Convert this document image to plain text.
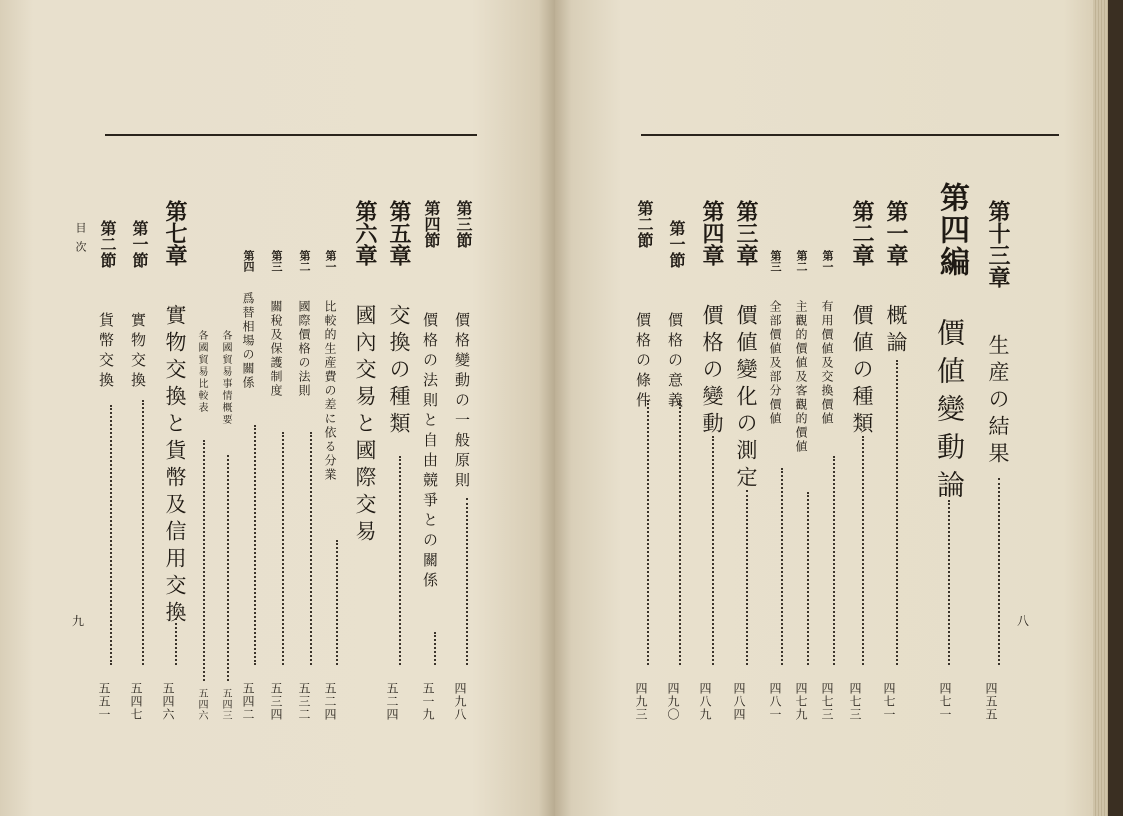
第三節
價格變動の一般原則
四九八
第四節
價格の法則と自由競爭との關係
五一九
第五章
交換の種類
五二四
第六章
國內交易と國際交易
第一
比較的生産費の差に依る分業
五二四
第二
國際價格の法則
五三二
第三
關稅及保護制度
五三四
第四
爲替相場の關係
五四二
各國貿易事情概要
五四三
各國貿易比較表
五四六
第七章
實物交換と貨幣及信用交換
五四六
第一節
實物交換
五四七
第二節
貨幣交換
五五一
目次
九
第十三章
生産の結果
四五五
第四編
價値變動論
四七一
第一章
概論
四七一
第二章
價値の種類
四七三
第一
有用價値及交換價値
四七三
第二
主觀的價値及客觀的價値
四七九
第三
全部價値及部分價値
四八一
第三章
價値變化の測定
四八四
第四章
價格の變動
四八九
第一節
價格の意義
四九〇
第二節
價格の條件
四九三
八
